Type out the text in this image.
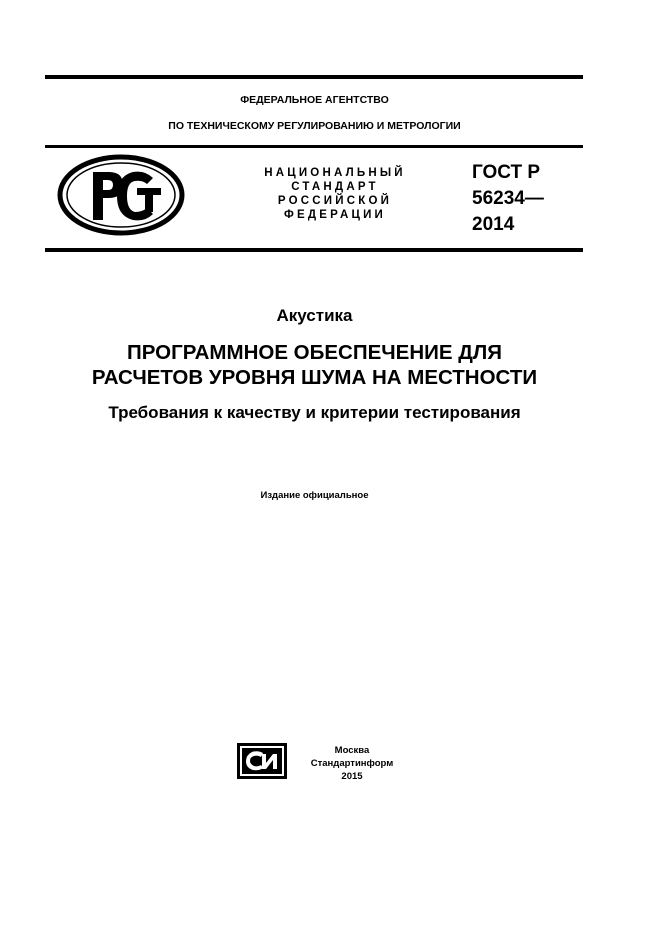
ФЕДЕРАЛЬНОЕ АГЕНТСТВО
ПО ТЕХНИЧЕСКОМУ РЕГУЛИРОВАНИЮ И МЕТРОЛОГИИ
НАЦИОНАЛЬНЫЙ
СТАНДАРТ
РОССИЙСКОЙ
ФЕДЕРАЦИИ
ГОСТ Р
56234—
2014
Акустика
ПРОГРАММНОЕ ОБЕСПЕЧЕНИЕ ДЛЯ
РАСЧЕТОВ УРОВНЯ ШУМА НА МЕСТНОСТИ
Требования к качеству и критерии тестирования
Издание официальное
Москва
Стандартинформ
2015
